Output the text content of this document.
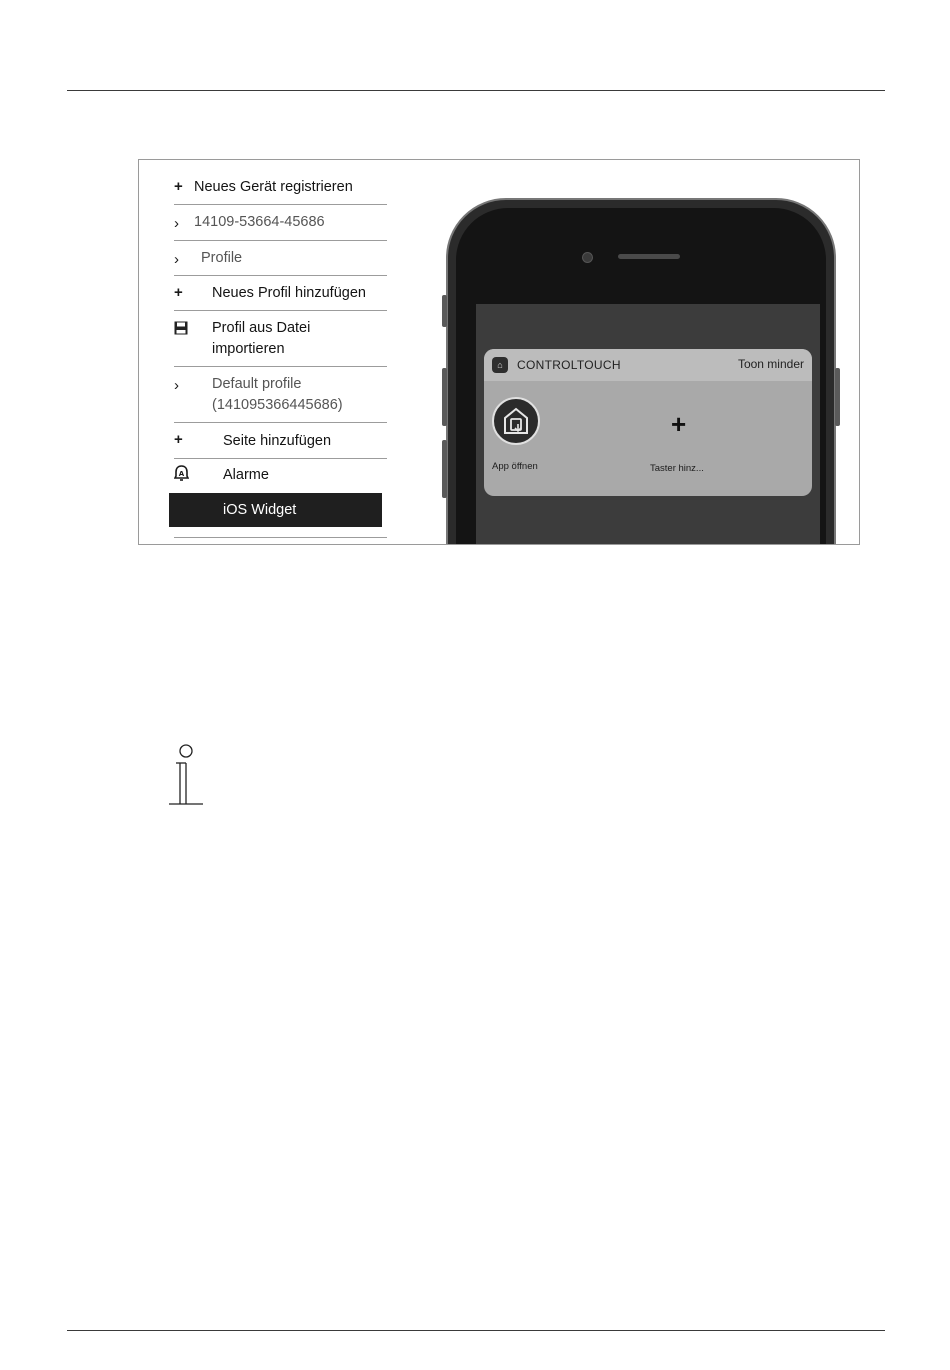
+ Neues Gerät registrieren
› 14109-53664-45686
› Profile
+ Neues Profil hinzufügen
Profil aus Datei
importieren
› Default profile
(141095366445686)
+	Seite hinzufügen
A	Alarme
iOS Widget
⌂	CONTROLTOUCH	Toon minder
App öffnen
+
Taster hinz...
